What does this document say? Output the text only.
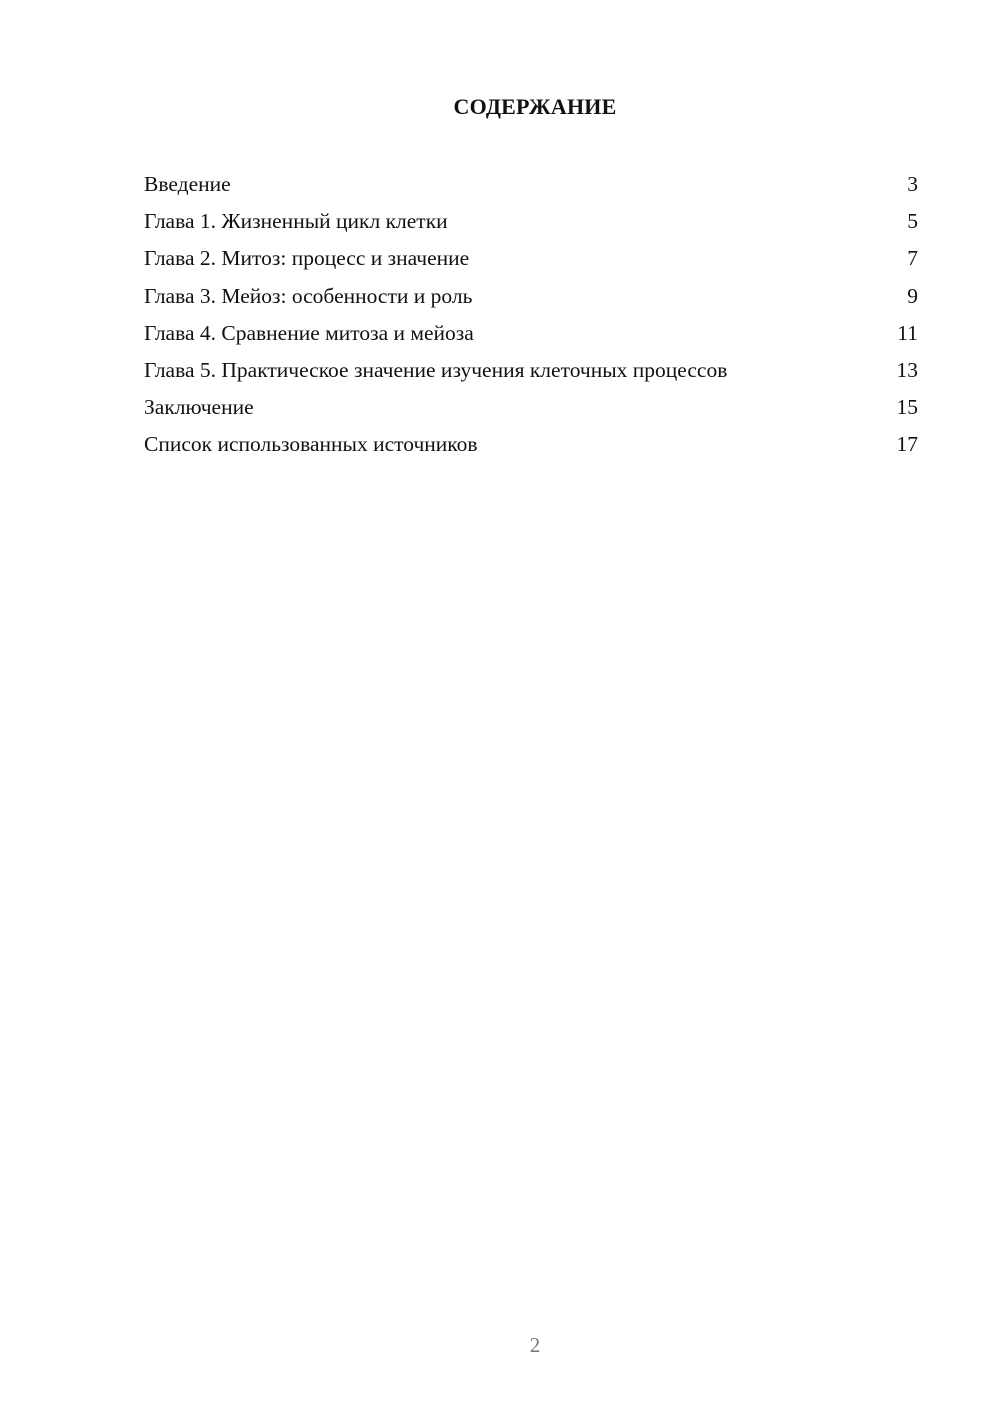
СОДЕРЖАНИЕ
Введение	3
Глава 1. Жизненный цикл клетки	5
Глава 2. Митоз: процесс и значение	7
Глава 3. Мейоз: особенности и роль	9
Глава 4. Сравнение митоза и мейоза	11
Глава 5. Практическое значение изучения клеточных процессов	13
Заключение	15
Список использованных источников	17
2
